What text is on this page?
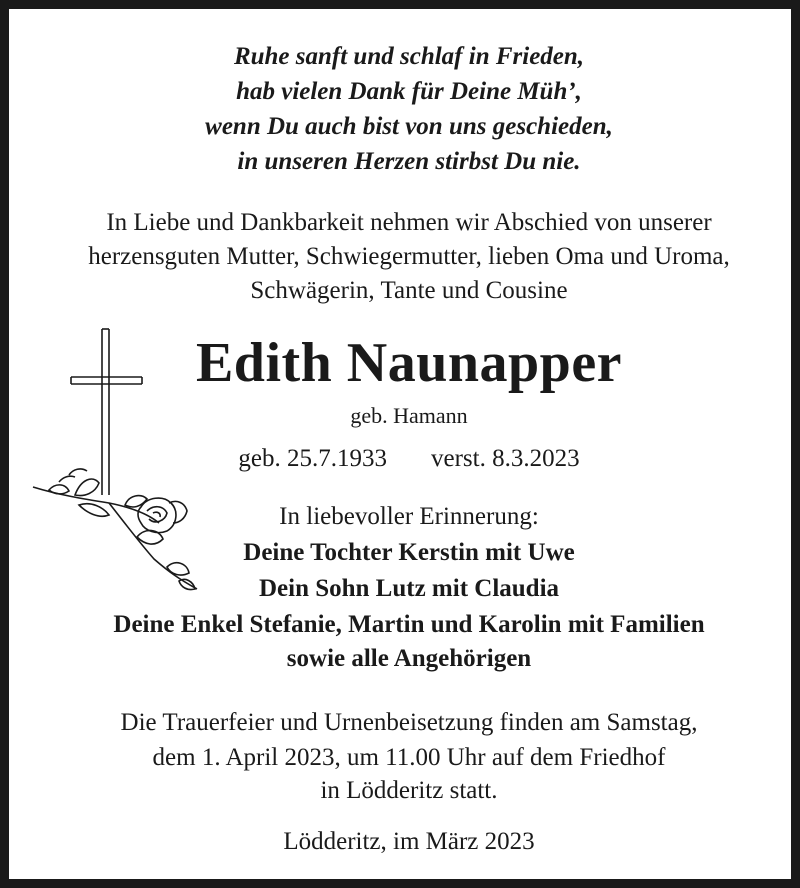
Ruhe sanft und schlaf in Frieden,
hab vielen Dank für Deine Müh’,
wenn Du auch bist von uns geschieden,
in unseren Herzen stirbst Du nie.
In Liebe und Dankbarkeit nehmen wir Abschied von unserer
herzensguten Mutter, Schwiegermutter, lieben Oma und Uroma,
Schwägerin, Tante und Cousine
Edith Naunapper
geb. Hamann
geb. 25.7.1933 verst. 8.3.2023
In liebevoller Erinnerung:
Deine Tochter Kerstin mit Uwe
Dein Sohn Lutz mit Claudia
Deine Enkel Stefanie, Martin und Karolin mit Familien
sowie alle Angehörigen
Die Trauerfeier und Urnenbeisetzung finden am Samstag,
dem 1. April 2023, um 11.00 Uhr auf dem Friedhof
in Lödderitz statt.
Lödderitz, im März 2023
